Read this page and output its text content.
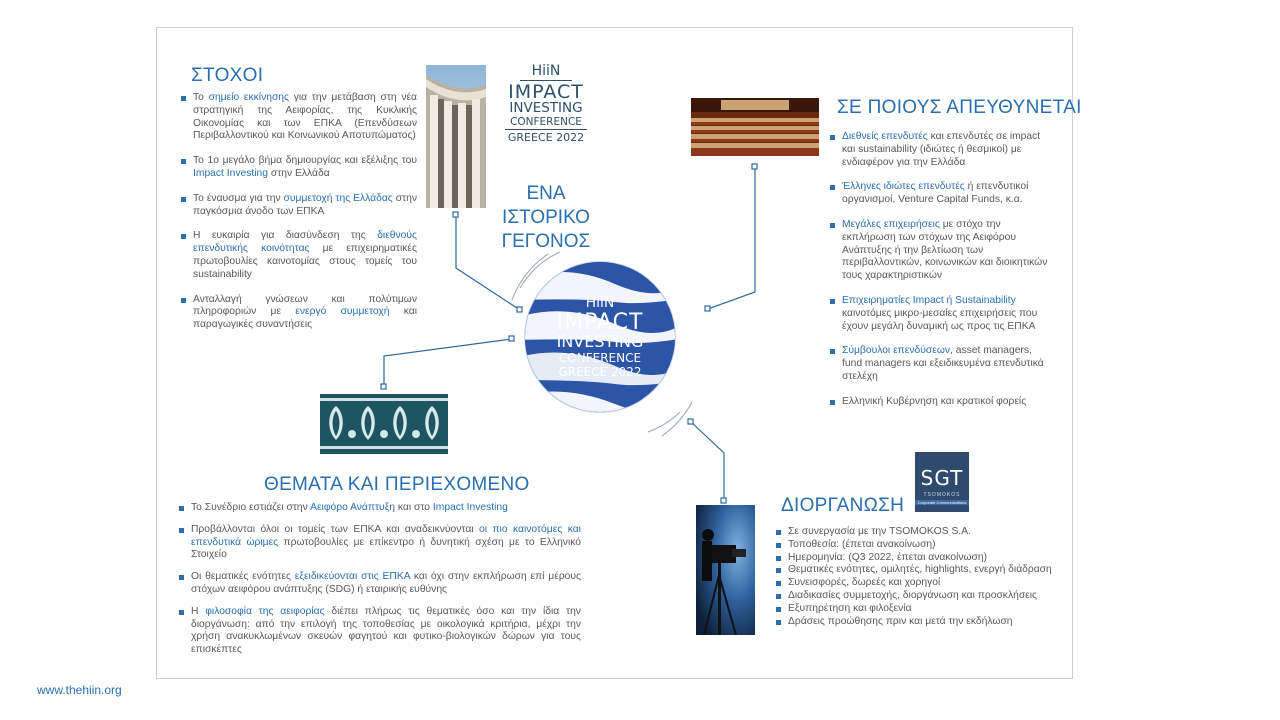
HiiN
IMPACT
INVESTING
CONFERENCE
GREECE 2022
ΕΝΑ
ΙΣΤΟΡΙΚΟ
ΓΕΓΟΝΟΣ
HiiN
IMPACT
INVESTING
CONFERENCE
GREECE 2022
SGT
TSOMOKOS
Corporate Communications
ΣΤΟΧΟΙ
Το σημείο εκκίνησης για την μετάβαση στη νέα στρατηγική της Αειφορίας, της Κυκλικής Οικονομίας και των ΕΠΚΑ (Επενδύσεων Περιβαλλοντικού και Κοινωνικού Αποτυπώματος)
Το 1ο μεγάλο βήμα δημιουργίας και εξέλιξης του Impact Investing στην Ελλάδα
Το έναυσμα για την συμμετοχή της Ελλάδας στην παγκόσμια άνοδο των ΕΠΚΑ
Η ευκαιρία για διασύνδεση της διεθνούς επενδυτικής κοινότητας με επιχειρηματικές πρωτοβουλίες καινοτομίας στους τομείς του sustainability
Ανταλλαγή γνώσεων και πολύτιμων πληροφοριών με ενεργό συμμετοχή και παραγωγικές συναντήσεις
ΣΕ ΠΟΙΟΥΣ ΑΠΕΥΘΥΝΕΤΑΙ
Διεθνείς επενδυτές και επενδυτές σε impact και sustainability (ιδιώτες ή θεσμικοί) με ενδιαφέρον για την Ελλάδα
Έλληνες ιδιώτες επενδυτές ή επενδυτικοί οργανισμοί, Venture Capital Funds, κ.α.
Μεγάλες επιχειρήσεις με στόχο την εκπλήρωση των στόχων της Αειφόρου Ανάπτυξης ή την βελτίωση των περιβαλλοντικών, κοινωνικών και διοικητικών τους χαρακτηριστικών
Επιχειρηματίες Impact ή Sustainability καινοτόμες μικρο-μεσαίες επιχειρήσεις που έχουν μεγάλη δυναμική ως προς τις ΕΠΚΑ
Σύμβουλοι επενδύσεων, asset managers, fund managers και εξειδικευμένα επενδυτικά στελέχη
Ελληνική Κυβέρνηση και κρατικοί φορείς
ΘΕΜΑΤΑ ΚΑΙ ΠΕΡΙΕΧΟΜΕΝΟ
Το Συνέδριο εστιάζει στην Αειφόρο Ανάπτυξη και στο Impact Investing
Προβάλλονται όλοι οι τομείς των ΕΠΚΑ και αναδεικνύονται οι πιο καινοτόμες και επενδυτικά ώριμες πρωτοβουλίες με επίκεντρο ή δυνητική σχέση με το Ελληνικό Στοιχείο
Οι θεματικές ενότητες εξειδικεύονται στις ΕΠΚΑ και όχι στην εκπλήρωση επί μέρους στόχων αειφόρου ανάπτυξης (SDG) ή εταιρικής ευθύνης
Η φιλοσοφία της αειφορίας διέπει πλήρως τις θεματικές όσο και την ίδια την διοργάνωση: από την επιλογή της τοποθεσίας με οικολογικά κριτήρια, μέχρι την χρήση ανακυκλωμένων σκευών φαγητού και φυτικο-βιολογικών δώρων για τους επισκέπτες
ΔΙΟΡΓΑΝΩΣΗ
Σε συνεργασία με την TSOMOKOS S.A.
Τοποθεσία: (έπεται ανακοίνωση)
Ημερομηνία: (Q3 2022, έπεται ανακοίνωση)
Θεματικές ενότητες, ομιλητές, highlights, ενεργή διάδραση
Συνεισφορές, δωρεές και χορηγοί
Διαδικασίες συμμετοχής, διοργάνωση και προσκλήσεις
Εξυπηρέτηση και φιλοξενία
Δράσεις προώθησης πριν και μετά την εκδήλωση
www.thehiin.org
